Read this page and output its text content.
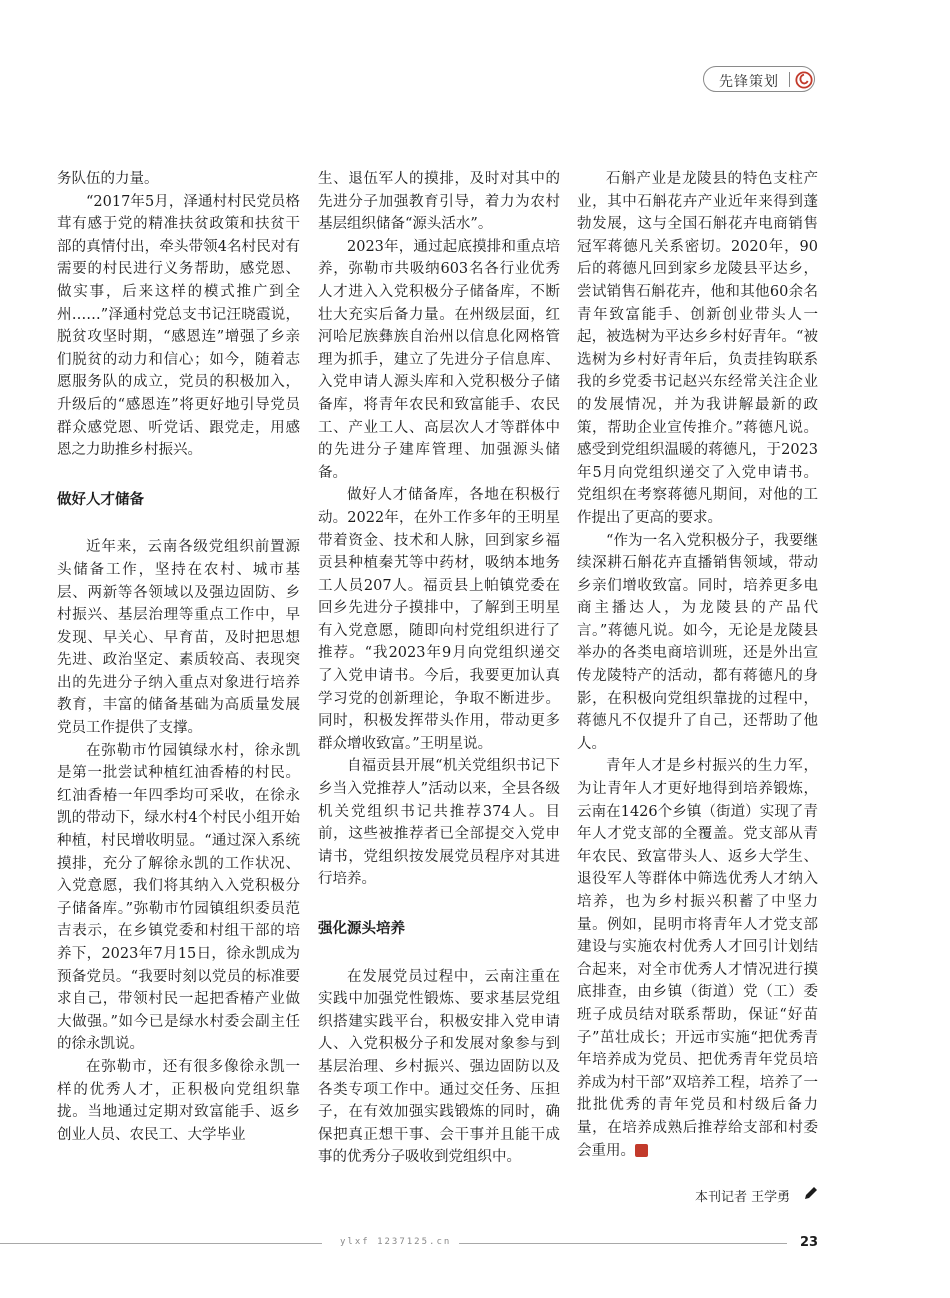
先锋策划

务队伍的力量。

“2017年5月，泽通村村民党员格茸有感于党的精准扶贫政策和扶贫干部的真情付出，牵头带领4名村民对有需要的村民进行义务帮助，感党恩、做实事，后来这样的模式推广到全州……”泽通村党总支书记汪晓霞说，脱贫攻坚时期，“感恩连”增强了乡亲们脱贫的动力和信心；如今，随着志愿服务队的成立，党员的积极加入，升级后的“感恩连”将更好地引导党员群众感党恩、听党话、跟党走，用感恩之力助推乡村振兴。

做好人才储备

近年来，云南各级党组织前置源头储备工作，坚持在农村、城市基层、两新等各领域以及强边固防、乡村振兴、基层治理等重点工作中，早发现、早关心、早育苗，及时把思想先进、政治坚定、素质较高、表现突出的先进分子纳入重点对象进行培养教育，丰富的储备基础为高质量发展党员工作提供了支撑。

在弥勒市竹园镇绿水村，徐永凯是第一批尝试种植红油香椿的村民。红油香椿一年四季均可采收，在徐永凯的带动下，绿水村4个村民小组开始种植，村民增收明显。“通过深入系统摸排，充分了解徐永凯的工作状况、入党意愿，我们将其纳入入党积极分子储备库。”弥勒市竹园镇组织委员范吉表示，在乡镇党委和村组干部的培养下，2023年7月15日，徐永凯成为预备党员。“我要时刻以党员的标准要求自己，带领村民一起把香椿产业做大做强。”如今已是绿水村委会副主任的徐永凯说。

在弥勒市，还有很多像徐永凯一样的优秀人才，正积极向党组织靠拢。当地通过定期对致富能手、返乡创业人员、农民工、大学毕业

生、退伍军人的摸排，及时对其中的先进分子加强教育引导，着力为农村基层组织储备“源头活水”。

2023年，通过起底摸排和重点培养，弥勒市共吸纳603名各行业优秀人才进入入党积极分子储备库，不断壮大充实后备力量。在州级层面，红河哈尼族彝族自治州以信息化网格管理为抓手，建立了先进分子信息库、入党申请人源头库和入党积极分子储备库，将青年农民和致富能手、农民工、产业工人、高层次人才等群体中的先进分子建库管理、加强源头储备。

做好人才储备库，各地在积极行动。2022年，在外工作多年的王明星带着资金、技术和人脉，回到家乡福贡县种植秦艽等中药材，吸纳本地务工人员207人。福贡县上帕镇党委在回乡先进分子摸排中，了解到王明星有入党意愿，随即向村党组织进行了推荐。“我2023年9月向党组织递交了入党申请书。今后，我要更加认真学习党的创新理论，争取不断进步。同时，积极发挥带头作用，带动更多群众增收致富。”王明星说。

自福贡县开展“机关党组织书记下乡当入党推荐人”活动以来，全县各级机关党组织书记共推荐374人。目前，这些被推荐者已全部提交入党申请书，党组织按发展党员程序对其进行培养。

强化源头培养

在发展党员过程中，云南注重在实践中加强党性锻炼、要求基层党组织搭建实践平台，积极安排入党申请人、入党积极分子和发展对象参与到基层治理、乡村振兴、强边固防以及各类专项工作中。通过交任务、压担子，在有效加强实践锻炼的同时，确保把真正想干事、会干事并且能干成事的优秀分子吸收到党组织中。

石斛产业是龙陵县的特色支柱产业，其中石斛花卉产业近年来得到蓬勃发展，这与全国石斛花卉电商销售冠军蒋德凡关系密切。2020年，90后的蒋德凡回到家乡龙陵县平达乡，尝试销售石斛花卉，他和其他60余名青年致富能手、创新创业带头人一起，被选树为平达乡乡村好青年。“被选树为乡村好青年后，负责挂钩联系我的乡党委书记赵兴东经常关注企业的发展情况，并为我讲解最新的政策，帮助企业宣传推介。”蒋德凡说。感受到党组织温暖的蒋德凡，于2023年5月向党组织递交了入党申请书。党组织在考察蒋德凡期间，对他的工作提出了更高的要求。

“作为一名入党积极分子，我要继续深耕石斛花卉直播销售领域，带动乡亲们增收致富。同时，培养更多电商主播达人，为龙陵县的产品代言。”蒋德凡说。如今，无论是龙陵县举办的各类电商培训班，还是外出宣传龙陵特产的活动，都有蒋德凡的身影，在积极向党组织靠拢的过程中，蒋德凡不仅提升了自己，还帮助了他人。

青年人才是乡村振兴的生力军，为让青年人才更好地得到培养锻炼，云南在1426个乡镇（街道）实现了青年人才党支部的全覆盖。党支部从青年农民、致富带头人、返乡大学生、退役军人等群体中筛选优秀人才纳入培养，也为乡村振兴积蓄了中坚力量。例如，昆明市将青年人才党支部建设与实施农村优秀人才回引计划结合起来，对全市优秀人才情况进行摸底排查，由乡镇（街道）党（工）委班子成员结对联系帮助，保证“好苗子”茁壮成长；开远市实施“把优秀青年培养成为党员、把优秀青年党员培养成为村干部”双培养工程，培养了一批批优秀的青年党员和村级后备力量，在培养成熟后推荐给支部和村委会重用。	云

本刊记者 王学勇
ylxf 1237125.cn	23
